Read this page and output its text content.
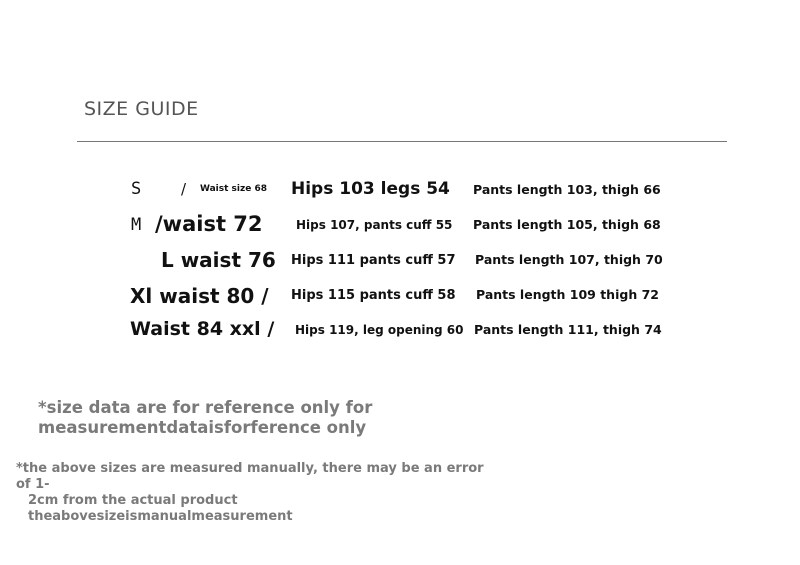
SIZE GUIDE
S	/ Waist size 68 Hips 103 legs 54 Pants length 103, thigh 66
M /waist 72	Hips 107, pants cuff 55 Pants length 105, thigh 68
L waist 76 Hips 111 pants cuff 57 Pants length 107, thigh 70
Xl waist 80 / Hips 115 pants cuff 58 Pants length 109 thigh 72
Waist 84 xxl / Hips 119, leg opening 60 Pants length 111, thigh 74
*size data are for reference only for
measurementdataisforference only
*the above sizes are measured manually, there may be an error of 1-
2cm from the actual product theabovesizeismanualmeasurement
